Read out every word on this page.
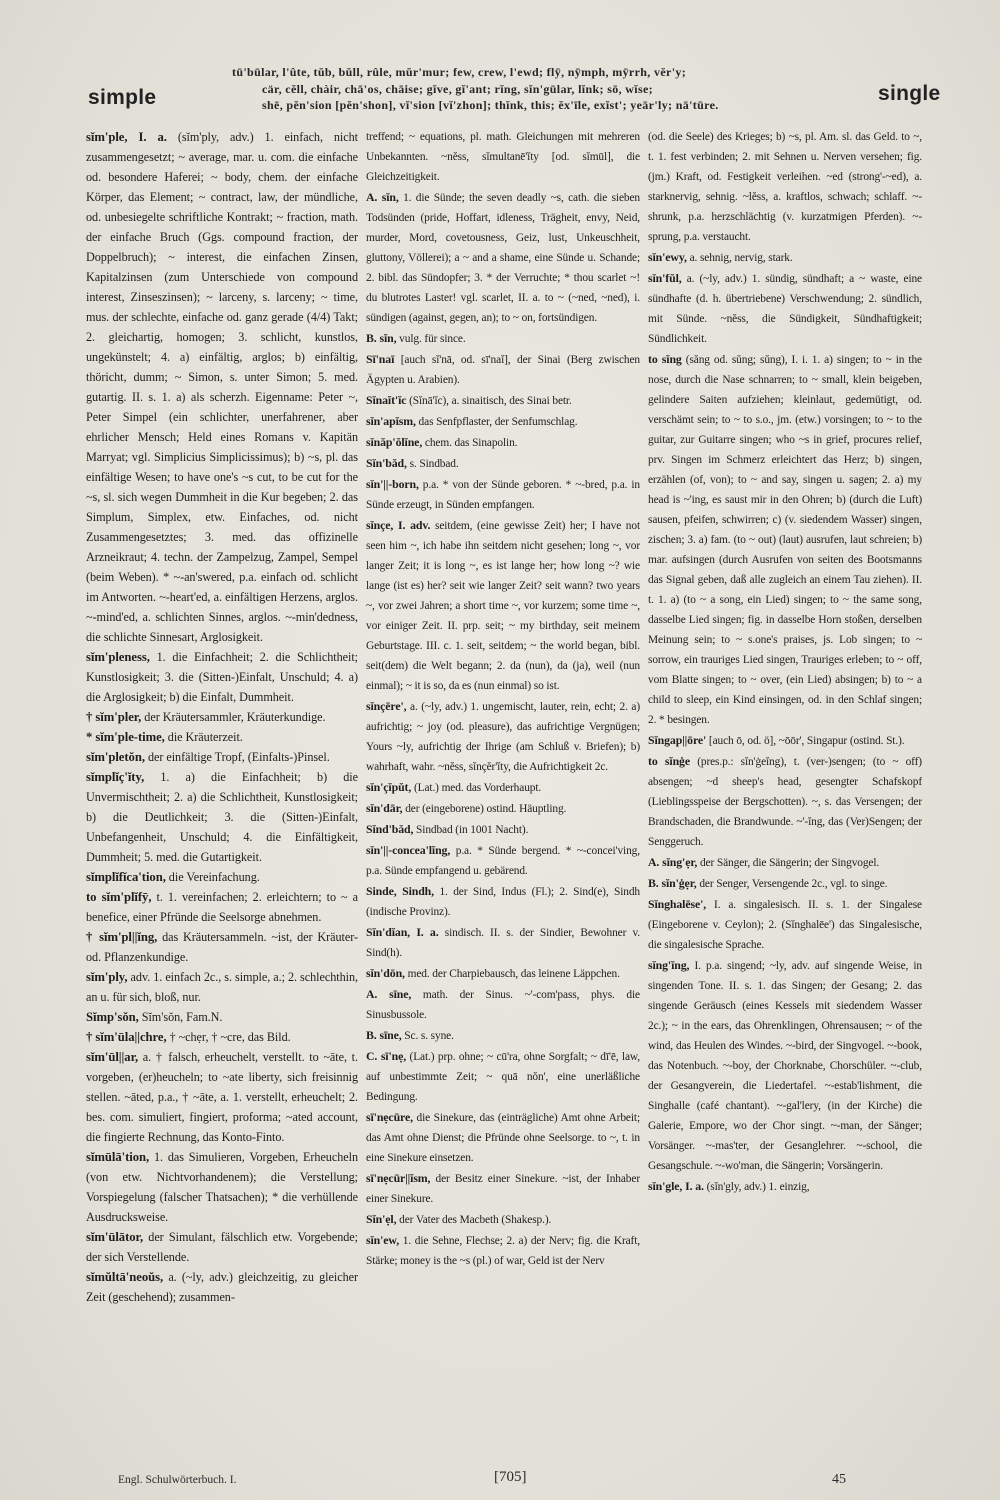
simple
tū'būlar, l'ûte, tŭb, bŭll, rûle, mŭr'mur; few, crew, l'ewd; flȳ, nȳmph, mȳrrh, vĕr'y;
cär, cĕll, chàir, chā'os, chāise; gĭve, gĭ'ant; rĭng, sĭn'gūlar, lĭnk; sō, wĭse;
shē, pĕn'sion [pĕn'shon], vĭ'sion [vĭ'zhon]; thĭnk, this; ĕx'īle, exĭst'; yeār'ly; nā'tūre.	single

sĭm'ple, I. a. (sĭm'ply, adv.) 1. einfach, nicht zusammengesetzt; ~ average, mar. u. com. die einfache od. besondere Haferei; ~ body, chem. der einfache Körper, das Element; ~ contract, law, der mündliche, od. unbesiegelte schriftliche Kontrakt; ~ fraction, math. der einfache Bruch (Ggs. compound fraction, der Doppelbruch); ~ interest, die einfachen Zinsen, Kapitalzinsen (zum Unterschiede von compound interest, Zinseszinsen); ~ larceny, s. larceny; ~ time, mus. der schlechte, einfache od. ganz gerade (4/4) Takt; 2. gleichartig, homogen; 3. schlicht, kunstlos, ungekünstelt; 4. a) einfältig, arglos; b) einfältig, thöricht, dumm; ~ Simon, s. unter Simon; 5. med. gutartig. II. s. 1. a) als scherzh. Eigenname: Peter ~, Peter Simpel (ein schlichter, unerfahrener, aber ehrlicher Mensch; Held eines Romans v. Kapitän Marryat; vgl. Simplicius Simplicissimus); b) ~s, pl. das einfältige Wesen; to have one's ~s cut, to be cut for the ~s, sl. sich wegen Dummheit in die Kur begeben; 2. das Simplum, Simplex, etw. Einfaches, od. nicht Zusammengesetztes; 3. med. das offizinelle Arzneikraut; 4. techn. der Zampelzug, Zampel, Sempel (beim Weben). * ~-an'swered, p.a. einfach od. schlicht im Antworten. ~-heart'ed, a. einfältigen Herzens, arglos. ~-mind'ed, a. schlichten Sinnes, arglos. ~-min'dedness, die schlichte Sinnesart, Arglosigkeit.

sĭm'pleness, 1. die Einfachheit; 2. die Schlichtheit; Kunstlosigkeit; 3. die (Sitten-)Einfalt, Unschuld; 4. a) die Arglosigkeit; b) die Einfalt, Dummheit.

† sĭm'pler, der Kräutersammler, Kräuterkundige.

* sĭm'ple-time, die Kräuterzeit.

sĭm'pletŏn, der einfältige Tropf, (Einfalts-)Pinsel.

sĭmplĭç'ĭty, 1. a) die Einfachheit; b) die Unvermischtheit; 2. a) die Schlichtheit, Kunstlosigkeit; b) die Deutlichkeit; 3. die (Sitten-)Einfalt, Unbefangenheit, Unschuld; 4. die Einfältigkeit, Dummheit; 5. med. die Gutartigkeit.

sĭmplĭfĭca'tion, die Vereinfachung.

to sĭm'plĭfȳ, t. 1. vereinfachen; 2. erleichtern; to ~ a benefice, einer Pfründe die Seelsorge abnehmen.

† sĭm'pl||ĭng, das Kräutersammeln. ~ist, der Kräuter- od. Pflanzenkundige.

sĭm'ply, adv. 1. einfach 2c., s. simple, a.; 2. schlechthin, an u. für sich, bloß, nur.

Sĭmp'sŏn, Sĭm'sŏn, Fam.N.

† sĭm'ūla||chre, † ~chẹr, † ~cre, das Bild.

sĭm'ūl||ar, a. † falsch, erheuchelt, verstellt. to ~āte, t. vorgeben, (er)heucheln; to ~ate liberty, sich freisinnig stellen. ~āted, p.a., † ~āte, a. 1. verstellt, erheuchelt; 2. bes. com. simuliert, fingiert, proforma; ~ated account, die fingierte Rechnung, das Konto-Finto.

sĭmūlā'tion, 1. das Simulieren, Vorgeben, Erheucheln (von etw. Nichtvorhandenem); die Verstellung; Vorspiegelung (falscher Thatsachen); * die verhüllende Ausdrucksweise.

sĭm'ūlātor, der Simulant, fälschlich etw. Vorgebende; der sich Verstellende.

sĭmŭltā'neoŭs, a. (~ly, adv.) gleichzeitig, zu gleicher Zeit (geschehend); zusammen-

treffend; ~ equations, pl. math. Gleichungen mit mehreren Unbekannten. ~nĕss, sĭmultanē'ĭty [od. sĭmūl], die Gleichzeitigkeit.

A. sĭn, 1. die Sünde; the seven deadly ~s, cath. die sieben Todsünden (pride, Hoffart, idleness, Trägheit, envy, Neid, murder, Mord, covetousness, Geiz, lust, Unkeuschheit, gluttony, Völlerei); a ~ and a shame, eine Sünde u. Schande; 2. bibl. das Sündopfer; 3. * der Verruchte; * thou scarlet ~! du blutrotes Laster! vgl. scarlet, II. a. to ~ (~ned, ~ned), i. sündigen (against, gegen, an); to ~ on, fortsündigen.

B. sĭn, vulg. für since.

Sī'naī [auch sĭ'nā, od. sī'naĭ], der Sinai (Berg zwischen Ägypten u. Arabien).

Sĭnaĭt'ĭc (Sĭnā'ĭc), a. sinaitisch, des Sinai betr.

sĭn'apĭsm, das Senfpflaster, der Senfumschlag.

sĭnăp'ŏlĭne, chem. das Sinapolin.

Sĭn'băd, s. Sindbad.

sĭn'||-born, p.a. * von der Sünde geboren. * ~-bred, p.a. in Sünde erzeugt, in Sünden empfangen.

sĭnçe, I. adv. seitdem, (eine gewisse Zeit) her; I have not seen him ~, ich habe ihn seitdem nicht gesehen; long ~, vor langer Zeit; it is long ~, es ist lange her; how long ~? wie lange (ist es) her? seit wie langer Zeit? seit wann? two years ~, vor zwei Jahren; a short time ~, vor kurzem; some time ~, vor einiger Zeit. II. prp. seit; ~ my birthday, seit meinem Geburtstage. III. c. 1. seit, seitdem; ~ the world began, bibl. seit(dem) die Welt begann; 2. da (nun), da (ja), weil (nun einmal); ~ it is so, da es (nun einmal) so ist.

sĭnçēre', a. (~ly, adv.) 1. ungemischt, lauter, rein, echt; 2. a) aufrichtig; ~ joy (od. pleasure), das aufrichtige Vergnügen; Yours ~ly, aufrichtig der Ihrige (am Schluß v. Briefen); b) wahrhaft, wahr. ~nĕss, sĭnçĕr'ĭty, die Aufrichtigkeit 2c.

sĭn'çĭpŭt, (Lat.) med. das Vorderhaupt.

sĭn'dār, der (eingeborene) ostind. Häuptling.

Sĭnd'băd, Sindbad (in 1001 Nacht).

sĭn'||-concea'lĭng, p.a. * Sünde bergend. * ~-concei'ving, p.a. Sünde empfangend u. gebärend.

Sinde, Sindh, 1. der Sind, Indus (Fl.); 2. Sind(e), Sindh (indische Provinz).

Sĭn'dĭan, I. a. sindisch. II. s. der Sindier, Bewohner v. Sind(h).

sĭn'dōn, med. der Charpiebausch, das leinene Läppchen.

A. sīne, math. der Sinus. ~'-com'pass, phys. die Sinusbussole.

B. sīne, Sc. s. syne.

C. sī'nẹ, (Lat.) prp. ohne; ~ cū'ra, ohne Sorgfalt; ~ dī'ē, law, auf unbestimmte Zeit; ~ quā nŏn', eine unerläßliche Bedingung.

sī'nẹcūre, die Sinekure, das (einträgliche) Amt ohne Arbeit; das Amt ohne Dienst; die Pfründe ohne Seelsorge. to ~, t. in eine Sinekure einsetzen.

sī'nẹcūr||ĭsm, der Besitz einer Sinekure. ~ist, der Inhaber einer Sinekure.

Sĭn'ẹl, der Vater des Macbeth (Shakesp.).

sĭn'ew, 1. die Sehne, Flechse; 2. a) der Nerv; fig. die Kraft, Stärke; money is the ~s (pl.) of war, Geld ist der Nerv

(od. die Seele) des Krieges; b) ~s, pl. Am. sl. das Geld. to ~, t. 1. fest verbinden; 2. mit Sehnen u. Nerven versehen; fig. (jm.) Kraft, od. Festigkeit verleihen. ~ed (strong'-~ed), a. starknervig, sehnig. ~lĕss, a. kraftlos, schwach; schlaff. ~-shrunk, p.a. herzschlächtig (v. kurzatmigen Pferden). ~-sprung, p.a. verstaucht.

sĭn'ewy, a. sehnig, nervig, stark.

sĭn'fŭl, a. (~ly, adv.) 1. sündig, sündhaft; a ~ waste, eine sündhafte (d. h. übertriebene) Verschwendung; 2. sündlich, mit Sünde. ~nĕss, die Sündigkeit, Sündhaftigkeit; Sündlichkeit.

to sĭng (săng od. sŭng; sŭng), I. i. 1. a) singen; to ~ in the nose, durch die Nase schnarren; to ~ small, klein beigeben, gelindere Saiten aufziehen; kleinlaut, gedemütigt, od. verschämt sein; to ~ to s.o., jm. (etw.) vorsingen; to ~ to the guitar, zur Guitarre singen; who ~s in grief, procures relief, prv. Singen im Schmerz erleichtert das Herz; b) singen, erzählen (of, von); to ~ and say, singen u. sagen; 2. a) my head is ~'ing, es saust mir in den Ohren; b) (durch die Luft) sausen, pfeifen, schwirren; c) (v. siedendem Wasser) singen, zischen; 3. a) fam. (to ~ out) (laut) ausrufen, laut schreien; b) mar. aufsingen (durch Ausrufen von seiten des Bootsmanns das Signal geben, daß alle zugleich an einem Tau ziehen). II. t. 1. a) (to ~ a song, ein Lied) singen; to ~ the same song, dasselbe Lied singen; fig. in dasselbe Horn stoßen, derselben Meinung sein; to ~ s.one's praises, js. Lob singen; to ~ sorrow, ein trauriges Lied singen, Trauriges erleben; to ~ off, vom Blatte singen; to ~ over, (ein Lied) absingen; b) to ~ a child to sleep, ein Kind einsingen, od. in den Schlaf singen; 2. * besingen.

Sĭngap||ōre' [auch ō, od. ö], ~ōōr', Singapur (ostind. St.).

to sĭnġe (pres.p.: sĭn'ġeĭng), t. (ver-)sengen; (to ~ off) absengen; ~d sheep's head, gesengter Schafskopf (Lieblingsspeise der Bergschotten). ~, s. das Versengen; der Brandschaden, die Brandwunde. ~'-ĭng, das (Ver)Sengen; der Senggeruch.

A. sĭng'ẹr, der Sänger, die Sängerin; der Singvogel.

B. sĭn'ġẹr, der Senger, Versengende 2c., vgl. to singe.

Sĭnghalēse', I. a. singalesisch. II. s. 1. der Singalese (Eingeborene v. Ceylon); 2. (Sĭnghalēe') das Singalesische, die singalesische Sprache.

sĭng'ĭng, I. p.a. singend; ~ly, adv. auf singende Weise, in singenden Tone. II. s. 1. das Singen; der Gesang; 2. das singende Geräusch (eines Kessels mit siedendem Wasser 2c.); ~ in the ears, das Ohrenklingen, Ohrensausen; ~ of the wind, das Heulen des Windes. ~-bird, der Singvogel. ~-book, das Notenbuch. ~-boy, der Chorknabe, Chorschüler. ~-club, der Gesangverein, die Liedertafel. ~-estab'lishment, die Singhalle (café chantant). ~-gal'lery, (in der Kirche) die Galerie, Empore, wo der Chor singt. ~-man, der Sänger; Vorsänger. ~-mas'ter, der Gesanglehrer. ~-school, die Gesangschule. ~-wo'man, die Sängerin; Vorsängerin.

sĭn'gle, I. a. (sĭn'gly, adv.) 1. einzig,

Engl. Schulwörterbuch. I.	[705]	45
